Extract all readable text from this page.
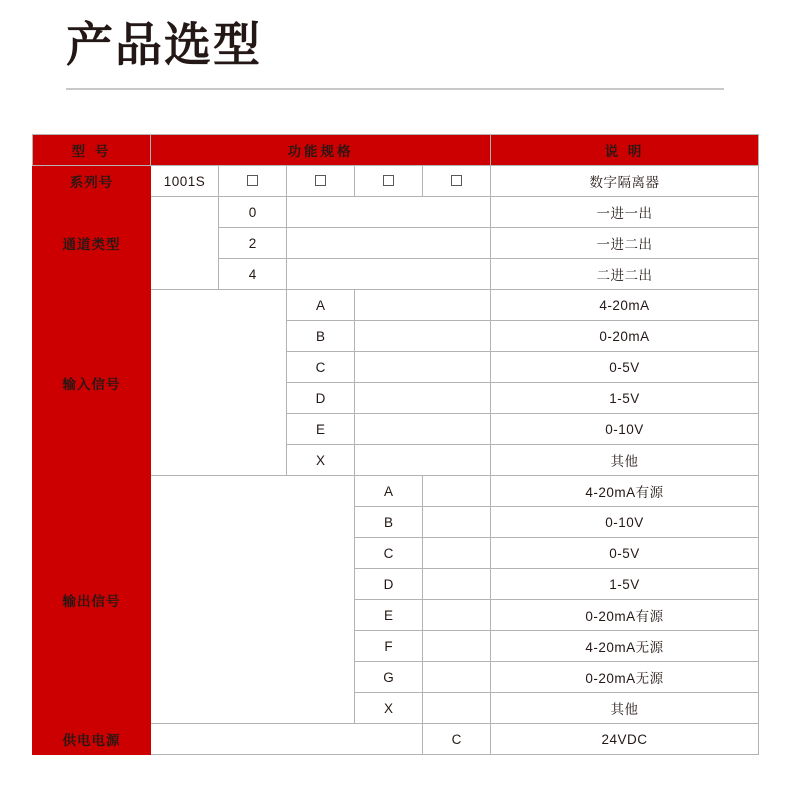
产品选型
型 号	功能规格					说 明
系列号	1001S					数字隔离器
通道类型		0				一进一出
		2				一进二出
		4				二进二出
输入信号			A			4-20mA
			B			0-20mA
			C			0-5V
			D			1-5V
			E			0-10V
			X			其他
输出信号				A		4-20mA有源
				B		0-10V
				C		0-5V
				D		1-5V
				E		0-20mA有源
				F		4-20mA无源
				G		0-20mA无源
				X		其他
供电电源					C	24VDC
